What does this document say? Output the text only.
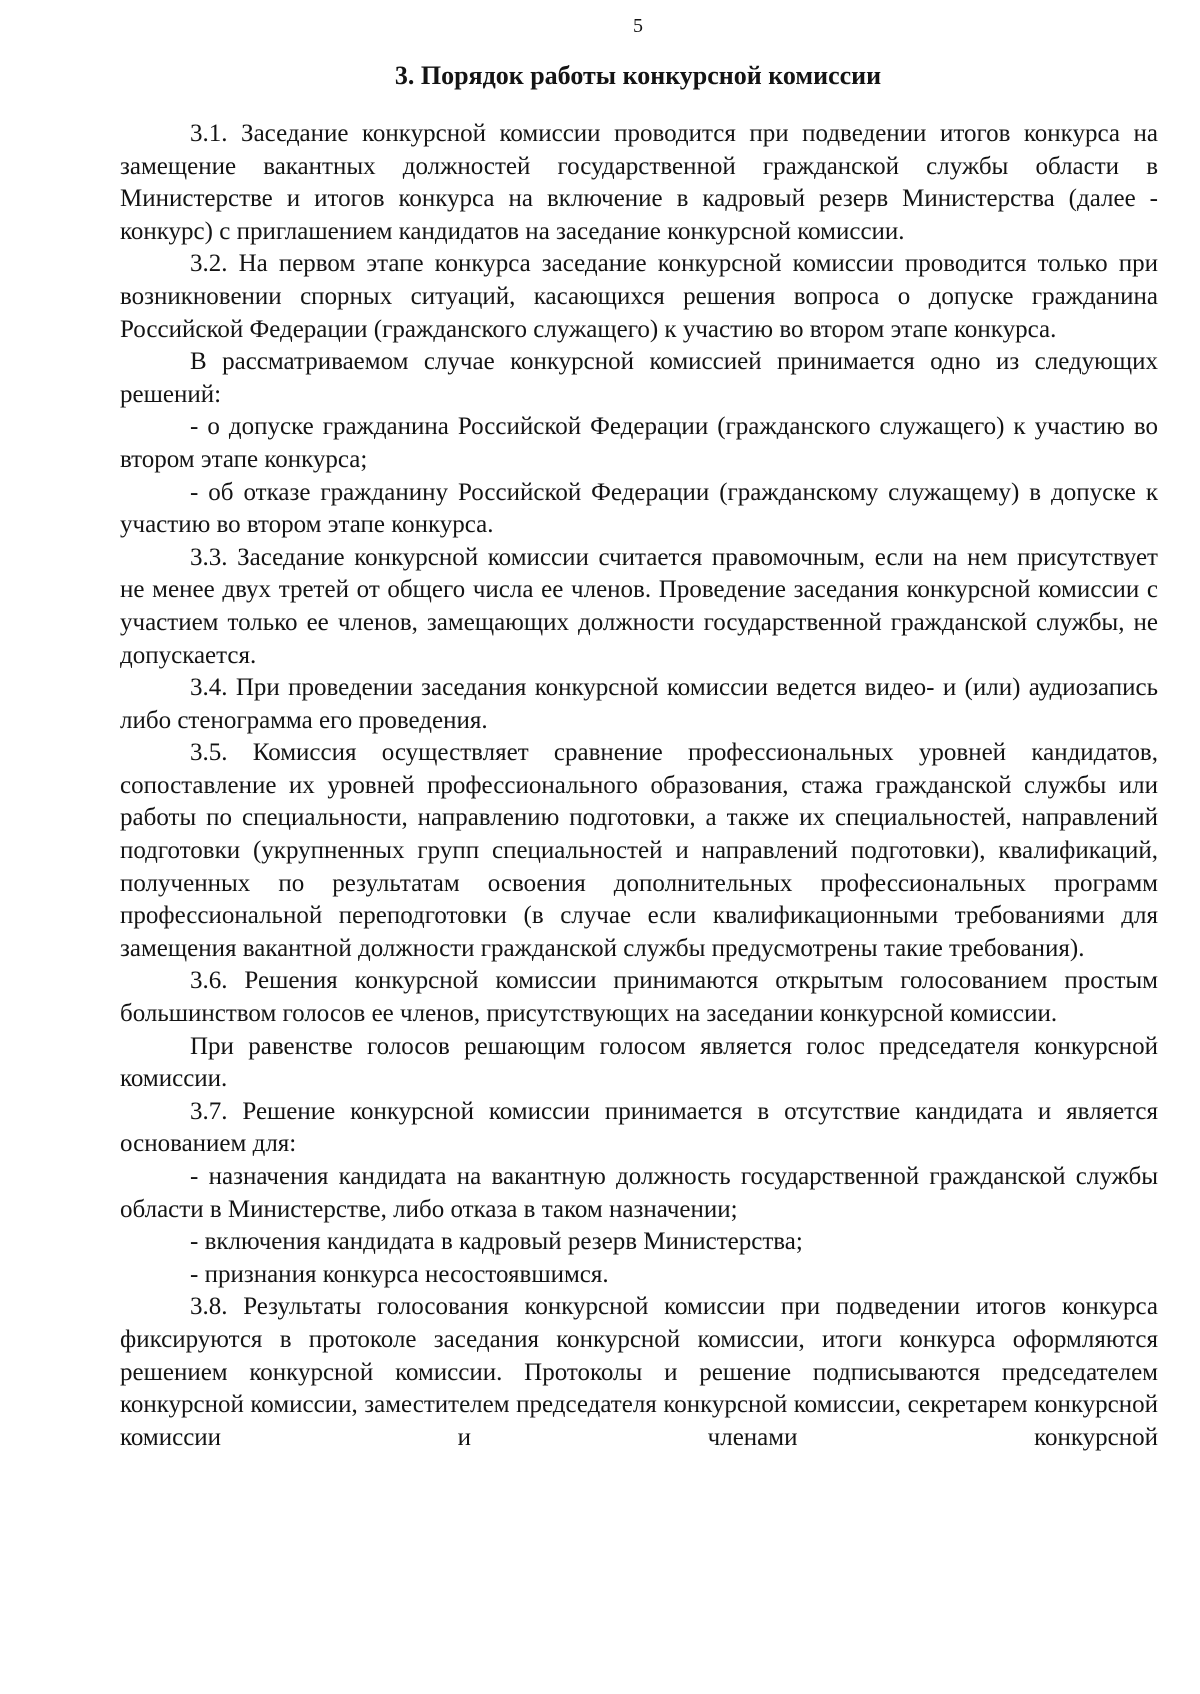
5
3. Порядок работы конкурсной комиссии

3.1. Заседание конкурсной комиссии проводится при подведении итогов конкурса на замещение вакантных должностей государственной гражданской службы области в Министерстве и итогов конкурса на включение в кадровый резерв Министерства (далее - конкурс) с приглашением кандидатов на заседание конкурсной комиссии.

3.2. На первом этапе конкурса заседание конкурсной комиссии проводится только при возникновении спорных ситуаций, касающихся решения вопроса о допуске гражданина Российской Федерации (гражданского служащего) к участию во втором этапе конкурса.

В рассматриваемом случае конкурсной комиссией принимается одно из следующих решений:

- о допуске гражданина Российской Федерации (гражданского служащего) к участию во втором этапе конкурса;

- об отказе гражданину Российской Федерации (гражданскому служащему) в допуске к участию во втором этапе конкурса.

3.3. Заседание конкурсной комиссии считается правомочным, если на нем присутствует не менее двух третей от общего числа ее членов. Проведение заседания конкурсной комиссии с участием только ее членов, замещающих должности государственной гражданской службы, не допускается.

3.4. При проведении заседания конкурсной комиссии ведется видео- и (или) аудиозапись либо стенограмма его проведения.

3.5. Комиссия осуществляет сравнение профессиональных уровней кандидатов, сопоставление их уровней профессионального образования, стажа гражданской службы или работы по специальности, направлению подготовки, а также их специальностей, направлений подготовки (укрупненных групп специальностей и направлений подготовки), квалификаций, полученных по результатам освоения дополнительных профессиональных программ профессиональной переподготовки (в случае если квалификационными требованиями для замещения вакантной должности гражданской службы предусмотрены такие требования).

3.6. Решения конкурсной комиссии принимаются открытым голосованием простым большинством голосов ее членов, присутствующих на заседании конкурсной комиссии.

При равенстве голосов решающим голосом является голос председателя конкурсной комиссии.

3.7. Решение конкурсной комиссии принимается в отсутствие кандидата и является основанием для:

- назначения кандидата на вакантную должность государственной гражданской службы области в Министерстве, либо отказа в таком назначении;

- включения кандидата в кадровый резерв Министерства;

- признания конкурса несостоявшимся.

3.8. Результаты голосования конкурсной комиссии при подведении итогов конкурса фиксируются в протоколе заседания конкурсной комиссии, итоги конкурса оформляются решением конкурсной комиссии. Протоколы и решение подписываются председателем конкурсной комиссии, заместителем председателя конкурсной комиссии, секретарем конкурсной комиссии и членами конкурсной
